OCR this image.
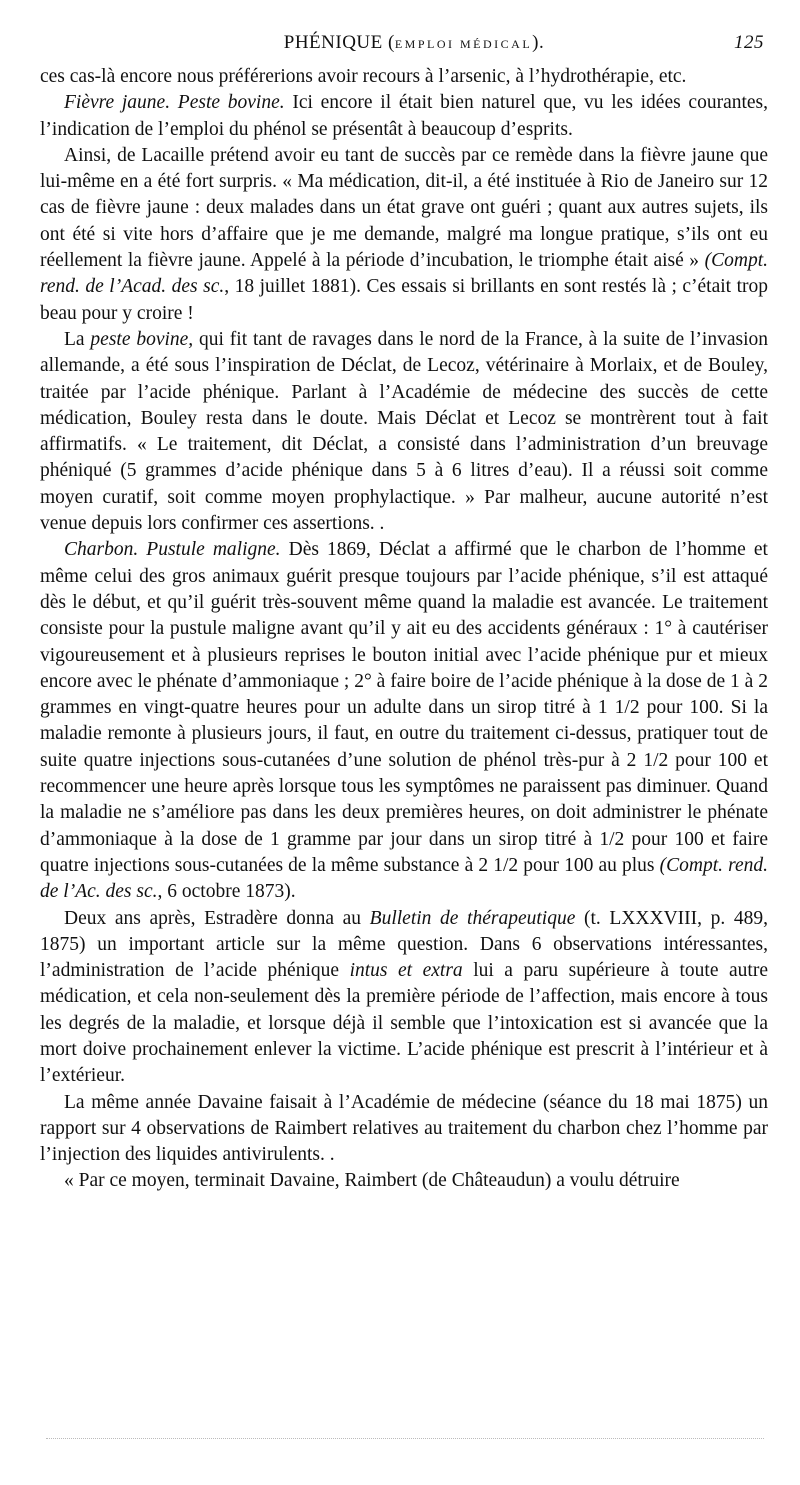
PHÉNIQUE (EMPLOI MÉDICAL).	125

ces cas-là encore nous préférerions avoir recours à l’arsenic, à l’hydrothérapie, etc.

Fièvre jaune. Peste bovine. Ici encore il était bien naturel que, vu les idées courantes, l’indication de l’emploi du phénol se présentât à beaucoup d’esprits.

Ainsi, de Lacaille prétend avoir eu tant de succès par ce remède dans la fièvre jaune que lui-même en a été fort surpris. « Ma médication, dit-il, a été instituée à Rio de Janeiro sur 12 cas de fièvre jaune : deux malades dans un état grave ont guéri ; quant aux autres sujets, ils ont été si vite hors d’affaire que je me demande, malgré ma longue pratique, s’ils ont eu réellement la fièvre jaune. Appelé à la période d’incubation, le triomphe était aisé » (Compt. rend. de l’Acad. des sc., 18 juillet 1881). Ces essais si brillants en sont restés là ; c’était trop beau pour y croire !

La peste bovine, qui fit tant de ravages dans le nord de la France, à la suite de l’invasion allemande, a été sous l’inspiration de Déclat, de Lecoz, vétérinaire à Morlaix, et de Bouley, traitée par l’acide phénique. Parlant à l’Académie de médecine des succès de cette médication, Bouley resta dans le doute. Mais Déclat et Lecoz se montrèrent tout à fait affirmatifs. « Le traitement, dit Déclat, a consisté dans l’administration d’un breuvage phéniqué (5 grammes d’acide phénique dans 5 à 6 litres d’eau). Il a réussi soit comme moyen curatif, soit comme moyen prophylactique. » Par malheur, aucune autorité n’est venue depuis lors confirmer ces assertions. .

Charbon. Pustule maligne. Dès 1869, Déclat a affirmé que le charbon de l’homme et même celui des gros animaux guérit presque toujours par l’acide phénique, s’il est attaqué dès le début, et qu’il guérit très-souvent même quand la maladie est avancée. Le traitement consiste pour la pustule maligne avant qu’il y ait eu des accidents généraux : 1° à cautériser vigoureusement et à plusieurs reprises le bouton initial avec l’acide phénique pur et mieux encore avec le phénate d’ammoniaque ; 2° à faire boire de l’acide phénique à la dose de 1 à 2 grammes en vingt-quatre heures pour un adulte dans un sirop titré à 1 1/2 pour 100. Si la maladie remonte à plusieurs jours, il faut, en outre du traitement ci-dessus, pratiquer tout de suite quatre injections sous-cutanées d’une solution de phénol très-pur à 2 1/2 pour 100 et recommencer une heure après lorsque tous les symptômes ne paraissent pas diminuer. Quand la maladie ne s’améliore pas dans les deux premières heures, on doit administrer le phénate d’ammoniaque à la dose de 1 gramme par jour dans un sirop titré à 1/2 pour 100 et faire quatre injections sous-cutanées de la même substance à 2 1/2 pour 100 au plus (Compt. rend. de l’Ac. des sc., 6 octobre 1873).

Deux ans après, Estradère donna au Bulletin de thérapeutique (t. LXXXVIII, p. 489, 1875) un important article sur la même question. Dans 6 observations intéressantes, l’administration de l’acide phénique intus et extra lui a paru supérieure à toute autre médication, et cela non-seulement dès la première période de l’affection, mais encore à tous les degrés de la maladie, et lorsque déjà il semble que l’intoxication est si avancée que la mort doive prochainement enlever la victime. L’acide phénique est prescrit à l’intérieur et à l’extérieur.

La même année Davaine faisait à l’Académie de médecine (séance du 18 mai 1875) un rapport sur 4 observations de Raimbert relatives au traitement du charbon chez l’homme par l’injection des liquides antivirulents. .

« Par ce moyen, terminait Davaine, Raimbert (de Châteaudun) a voulu détruire
